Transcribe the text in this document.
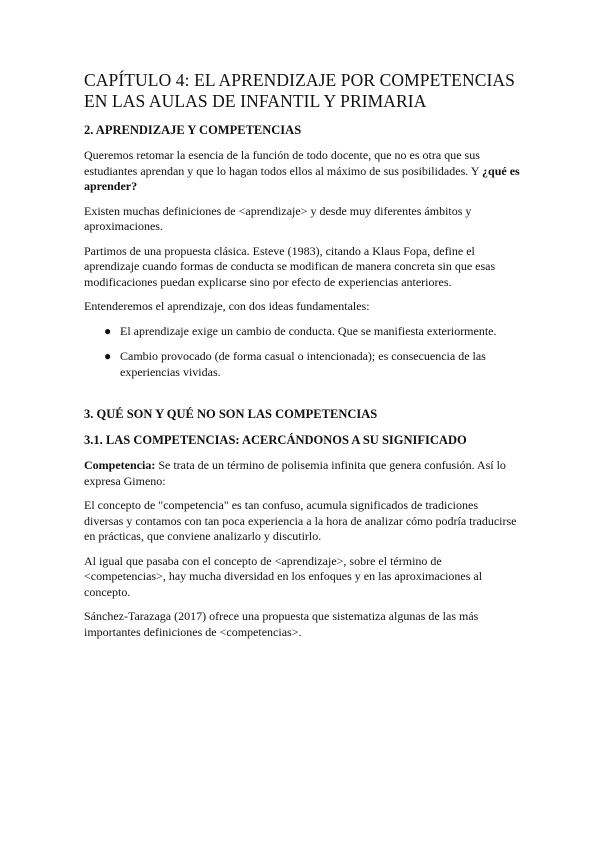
CAPÍTULO 4: EL APRENDIZAJE POR COMPETENCIAS EN LAS AULAS DE INFANTIL Y PRIMARIA
2. APRENDIZAJE Y COMPETENCIAS

Queremos retomar la esencia de la función de todo docente, que no es otra que sus estudiantes aprendan y que lo hagan todos ellos al máximo de sus posibilidades. Y ¿qué es aprender?

Existen muchas definiciones de <aprendizaje> y desde muy diferentes ámbitos y aproximaciones.

Partimos de una propuesta clásica. Esteve (1983), citando a Klaus Fopa, define el aprendizaje cuando formas de conducta se modifican de manera concreta sin que esas modificaciones puedan explicarse sino por efecto de experiencias anteriores.

Entenderemos el aprendizaje, con dos ideas fundamentales:

● El aprendizaje exige un cambio de conducta. Que se manifiesta exteriormente.
● Cambio provocado (de forma casual o intencionada); es consecuencia de las experiencias vividas.
3. QUÉ SON Y QUÉ NO SON LAS COMPETENCIAS
3.1. LAS COMPETENCIAS: ACERCÁNDONOS A SU SIGNIFICADO

Competencia: Se trata de un término de polisemia infinita que genera confusión. Así lo expresa Gimeno:

El concepto de "competencia" es tan confuso, acumula significados de tradiciones diversas y contamos con tan poca experiencia a la hora de analizar cómo podría traducirse en prácticas, que conviene analizarlo y discutirlo.

Al igual que pasaba con el concepto de <aprendizaje>, sobre el término de <competencias>, hay mucha diversidad en los enfoques y en las aproximaciones al concepto.

Sánchez-Tarazaga (2017) ofrece una propuesta que sistematiza algunas de las más importantes definiciones de <competencias>.
